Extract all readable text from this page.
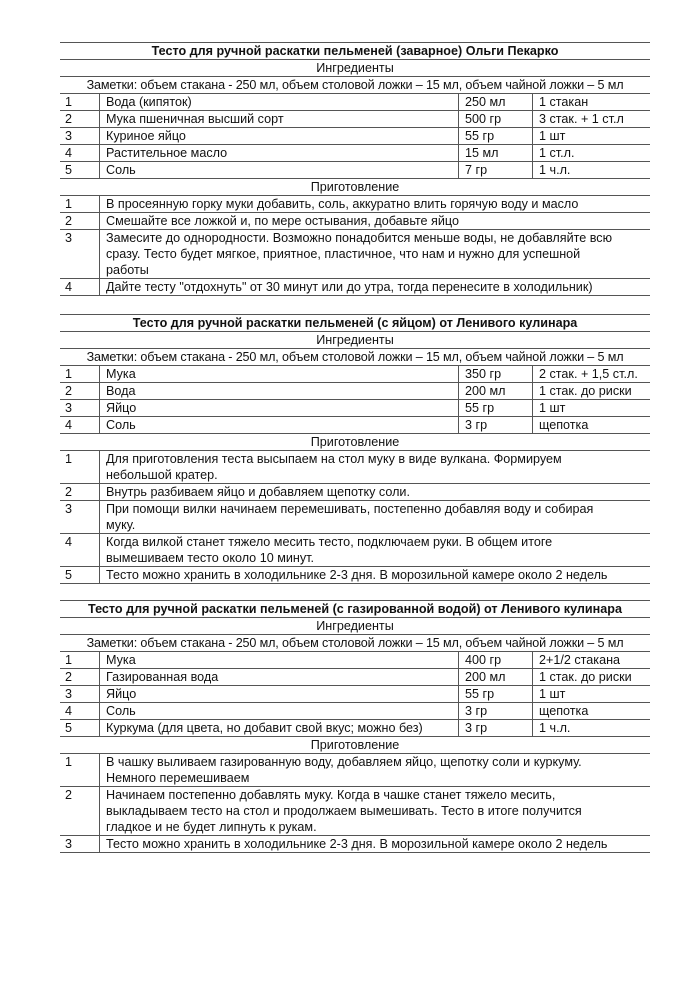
Тесто для ручной раскатки пельменей (заварное) Ольги Пекарко			
Ингредиенты			
Заметки: объем стакана - 250 мл, объем столовой ложки – 15 мл, объем чайной ложки – 5 мл			
1	Вода (кипяток)	250 мл	1 стакан
2	Мука пшеничная высший сорт	500 гр	3 стак. + 1 ст.л
3	Куриное яйцо	55 гр	1 шт
4	Растительное масло	15 мл	1 ст.л.
5	Соль	7 гр	1 ч.л.
Приготовление			
1	В просеянную горку муки добавить, соль, аккуратно влить горячую воду и масло		
2	Смешайте все ложкой и, по мере остывания, добавьте яйцо		
3	Замесите до однородности. Возможно понадобится меньше воды, не добавляйте всю сразу. Тесто будет мягкое, приятное, пластичное, что нам и нужно для успешной работы		
4	Дайте тесту "отдохнуть" от 30 минут или до утра, тогда перенесите в холодильник)		
Тесто для ручной раскатки пельменей (с яйцом) от Ленивого кулинара			
Ингредиенты			
Заметки: объем стакана - 250 мл, объем столовой ложки – 15 мл, объем чайной ложки – 5 мл			
1	Мука	350 гр	2 стак. + 1,5 ст.л.
2	Вода	200 мл	1 стак. до риски
3	Яйцо	55 гр	1 шт
4	Соль	3 гр	щепотка
Приготовление			
1	Для приготовления теста высыпаем на стол муку в виде вулкана. Формируем небольшой кратер.		
2	Внутрь разбиваем яйцо и добавляем щепотку соли.		
3	При помощи вилки начинаем перемешивать, постепенно добавляя воду и собирая муку.		
4	Когда вилкой станет тяжело месить тесто, подключаем руки. В общем итоге вымешиваем тесто около 10 минут.		
5	Тесто можно хранить в холодильнике 2-3 дня. В морозильной камере около 2 недель		
Тесто для ручной раскатки пельменей (с газированной водой) от Ленивого кулинара			
Ингредиенты			
Заметки: объем стакана - 250 мл, объем столовой ложки – 15 мл, объем чайной ложки – 5 мл			
1	Мука	400 гр	2+1/2 стакана
2	Газированная вода	200 мл	1 стак. до риски
3	Яйцо	55 гр	1 шт
4	Соль	3 гр	щепотка
5	Куркума (для цвета, но добавит свой вкус; можно без)	3 гр	1 ч.л.
Приготовление			
1	В чашку выливаем газированную воду, добавляем яйцо, щепотку соли и куркуму. Немного перемешиваем		
2	Начинаем постепенно добавлять муку. Когда в чашке станет тяжело месить, выкладываем тесто на стол и продолжаем вымешивать. Тесто в итоге получится гладкое и не будет липнуть к рукам.		
3	Тесто можно хранить в холодильнике 2-3 дня. В морозильной камере около 2 недель		
